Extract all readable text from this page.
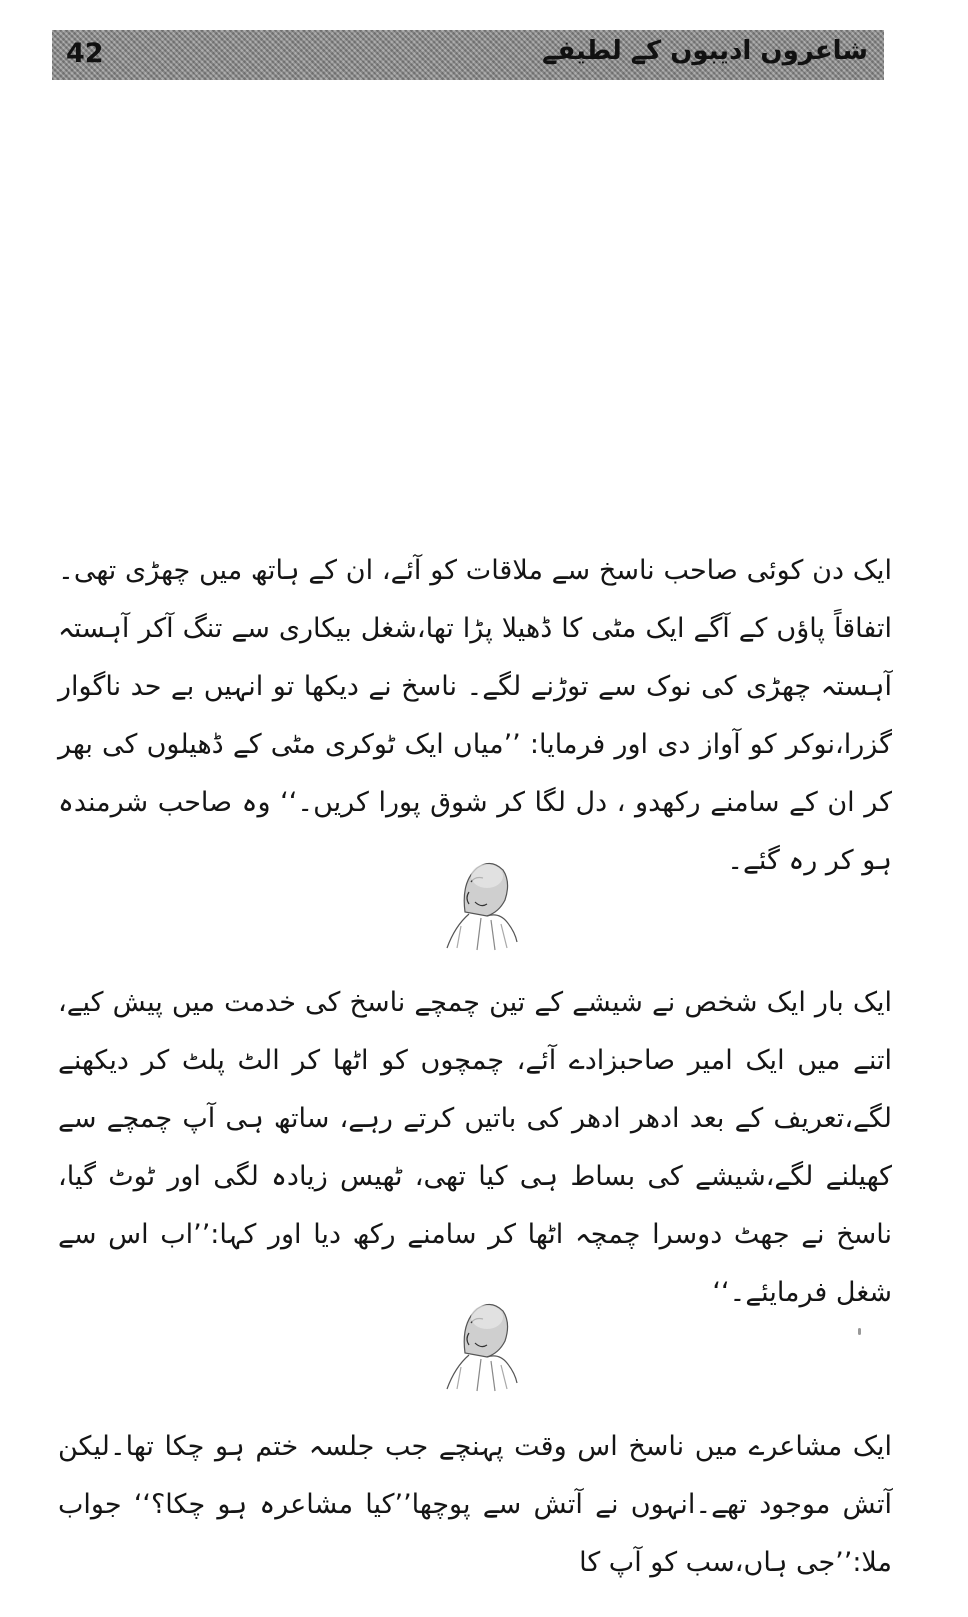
42	شاعروں ادیبوں کے لطیفے

ایک دن کوئی صاحب ناسخ سے ملاقات کو آئے، ان کے ہاتھ میں چھڑی تھی۔ اتفاقاً پاؤں کے آگے ایک مٹی کا ڈھیلا پڑا تھا،شغل بیکاری سے تنگ آکر آہستہ آہستہ چھڑی کی نوک سے توڑنے لگے۔ ناسخ نے دیکھا تو انہیں بے حد ناگوار گزرا،نوکر کو آواز دی اور فرمایا: ’’میاں ایک ٹوکری مٹی کے ڈھیلوں کی بھر کر ان کے سامنے رکھدو ، دل لگا کر شوق پورا کریں۔‘‘ وہ صاحب شرمندہ ہو کر رہ گئے۔

ایک بار ایک شخص نے شیشے کے تین چمچے ناسخ کی خدمت میں پیش کیے، اتنے میں ایک امیر صاحبزادے آئے، چمچوں کو اٹھا کر الٹ پلٹ کر دیکھنے لگے،تعریف کے بعد ادھر ادھر کی باتیں کرتے رہے، ساتھ ہی آپ چمچے سے کھیلنے لگے،شیشے کی بساط ہی کیا تھی، ٹھیس زیادہ لگی اور ٹوٹ گیا، ناسخ نے جھٹ دوسرا چمچہ اٹھا کر سامنے رکھ دیا اور کہا:’’اب اس سے شغل فرمایئے۔‘‘

ایک مشاعرے میں ناسخ اس وقت پہنچے جب جلسہ ختم ہو چکا تھا۔لیکن آتش موجود تھے۔انہوں نے آتش سے پوچھا’’کیا مشاعرہ ہو چکا؟‘‘ جواب ملا:’’جی ہاں،سب کو آپ کا
